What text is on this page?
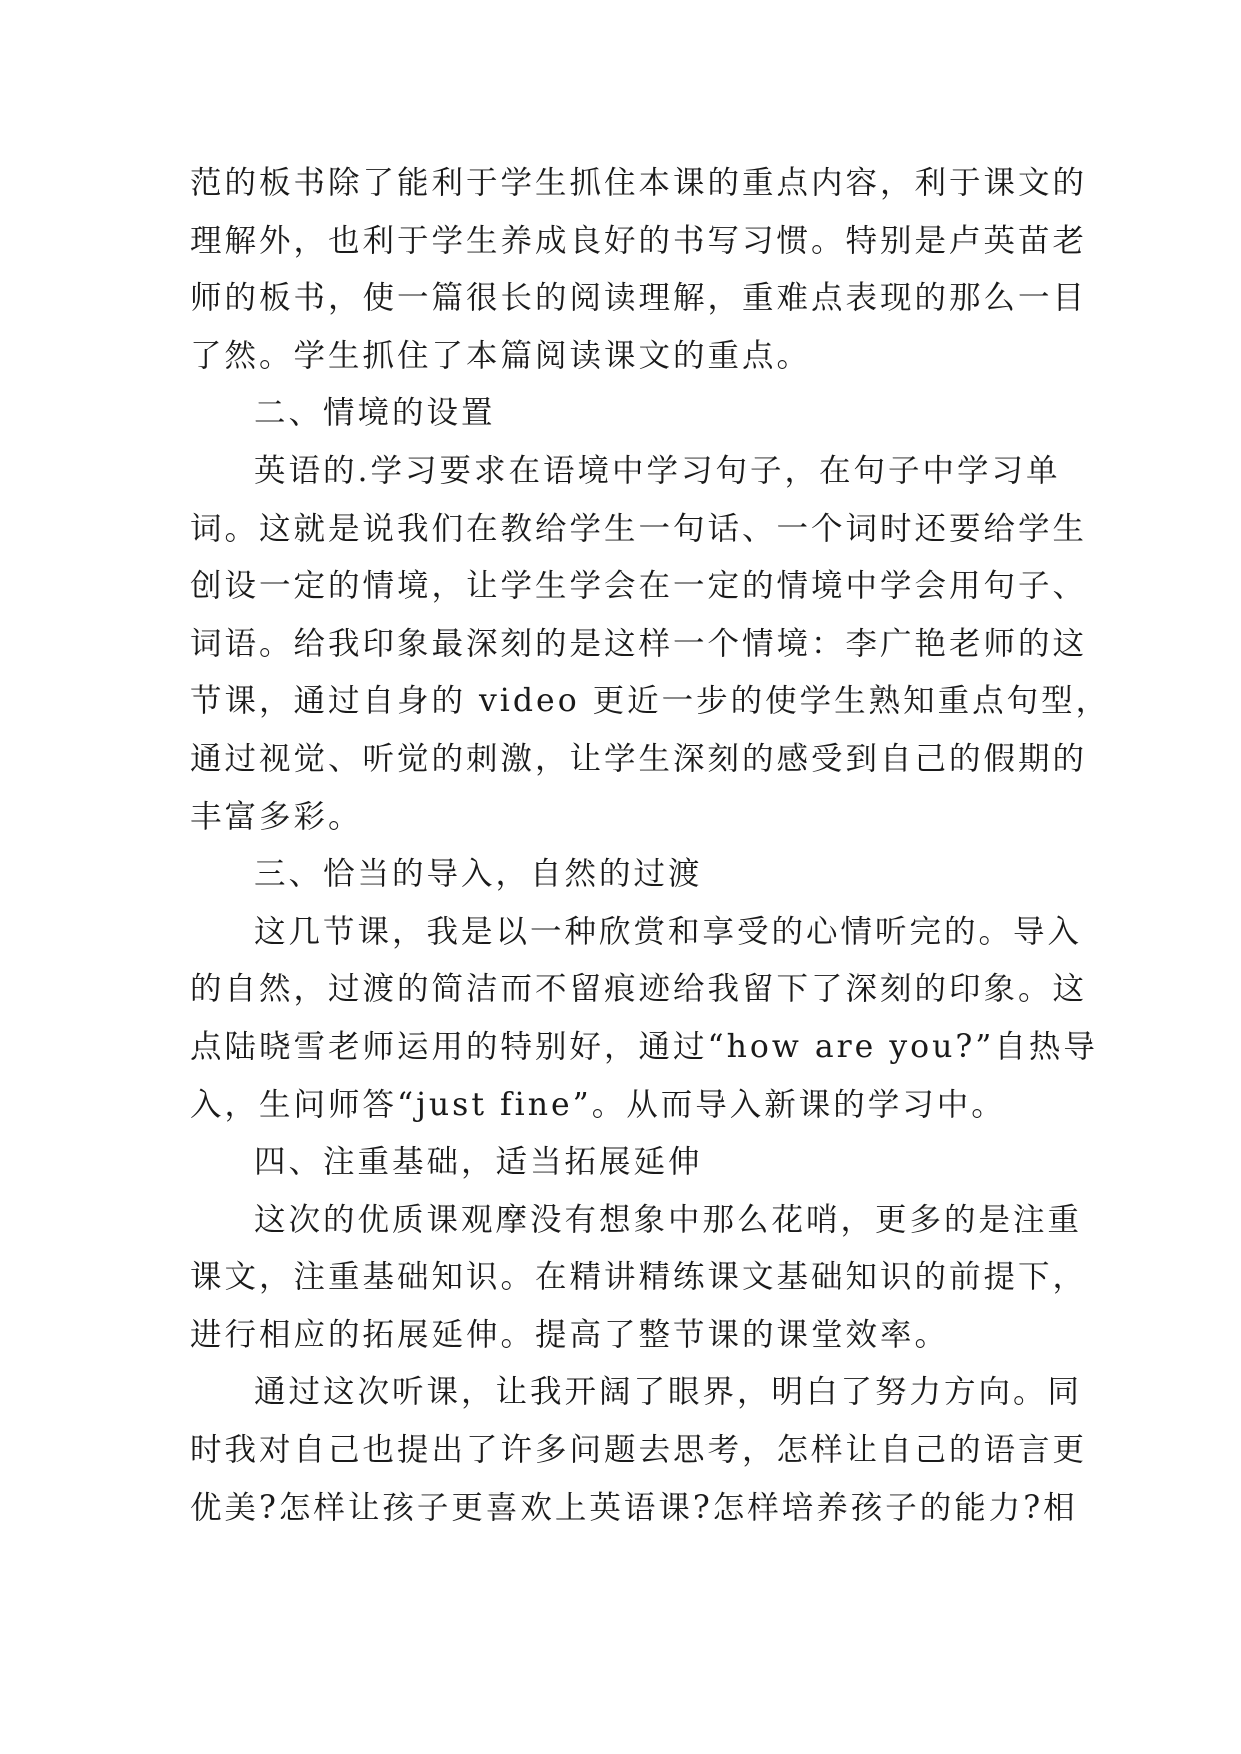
范的板书除了能利于学生抓住本课的重点内容，利于课文的
理解外，也利于学生养成良好的书写习惯。特别是卢英苗老
师的板书，使一篇很长的阅读理解，重难点表现的那么一目
了然。学生抓住了本篇阅读课文的重点。
二、情境的设置
英语的.学习要求在语境中学习句子，在句子中学习单
词。这就是说我们在教给学生一句话、一个词时还要给学生
创设一定的情境，让学生学会在一定的情境中学会用句子、
词语。给我印象最深刻的是这样一个情境：李广艳老师的这
节课，通过自身的 video 更近一步的使学生熟知重点句型，
通过视觉、听觉的刺激，让学生深刻的感受到自己的假期的
丰富多彩。
三、恰当的导入，自然的过渡
这几节课，我是以一种欣赏和享受的心情听完的。导入
的自然，过渡的简洁而不留痕迹给我留下了深刻的印象。这
点陆晓雪老师运用的特别好，通过“how are you?”自热导
入，生问师答“just fine”。从而导入新课的学习中。
四、注重基础，适当拓展延伸
这次的优质课观摩没有想象中那么花哨，更多的是注重
课文，注重基础知识。在精讲精练课文基础知识的前提下，
进行相应的拓展延伸。提高了整节课的课堂效率。
通过这次听课，让我开阔了眼界，明白了努力方向。同
时我对自己也提出了许多问题去思考，怎样让自己的语言更
优美?怎样让孩子更喜欢上英语课?怎样培养孩子的能力?相
